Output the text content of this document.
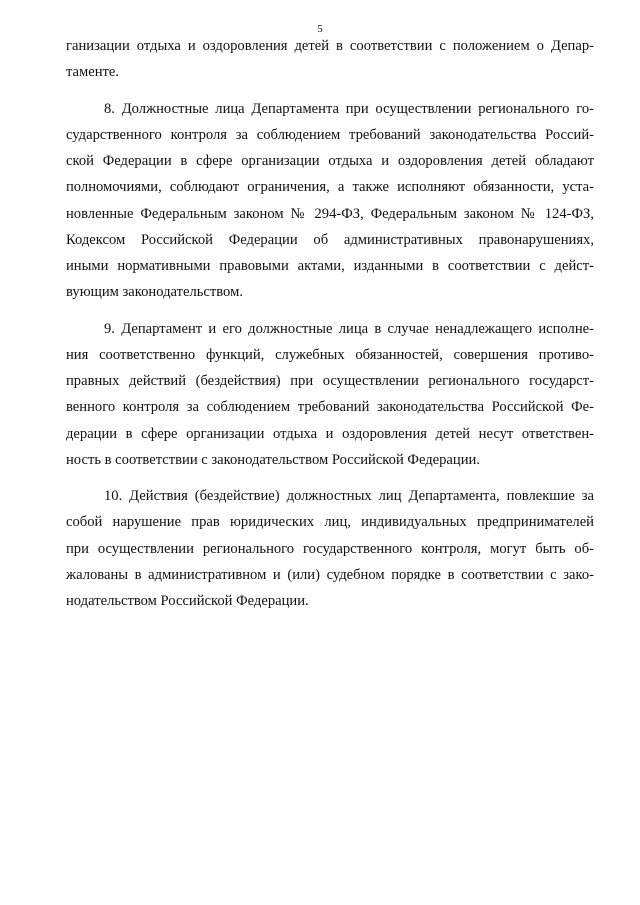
5
ганизации отдыха и оздоровления детей в соответствии с положением о Депар-
таменте.
8. Должностные лица Департамента при осуществлении регионального го-
сударственного контроля за соблюдением требований законодательства Россий-
ской Федерации в сфере организации отдыха и оздоровления детей обладают
полномочиями, соблюдают ограничения, а также исполняют обязанности, уста-
новленные Федеральным законом № 294-ФЗ, Федеральным законом № 124-ФЗ,
Кодексом Российской Федерации об административных правонарушениях,
иными нормативными правовыми актами, изданными в соответствии с дейст-
вующим законодательством.
9. Департамент и его должностные лица в случае ненадлежащего исполне-
ния соответственно функций, служебных обязанностей, совершения противо-
правных действий (бездействия) при осуществлении регионального государст-
венного контроля за соблюдением требований законодательства Российской Фе-
дерации в сфере организации отдыха и оздоровления детей несут ответствен-
ность в соответствии с законодательством Российской Федерации.
10. Действия (бездействие) должностных лиц Департамента, повлекшие за
собой нарушение прав юридических лиц, индивидуальных предпринимателей
при осуществлении регионального государственного контроля, могут быть об-
жалованы в административном и (или) судебном порядке в соответствии с зако-
нодательством Российской Федерации.
